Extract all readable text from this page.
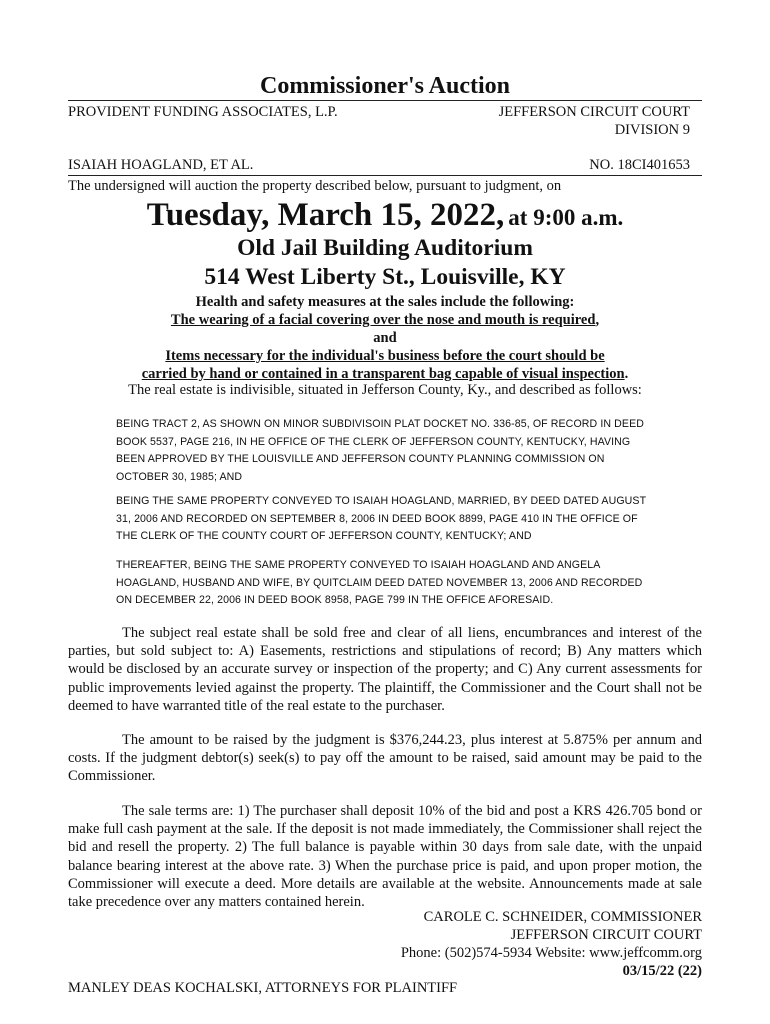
Commissioner's Auction
PROVIDENT FUNDING ASSOCIATES, L.P.	JEFFERSON CIRCUIT COURT
DIVISION 9
ISAIAH HOAGLAND, ET AL.	NO. 18CI401653
The undersigned will auction the property described below, pursuant to judgment, on
Tuesday, March 15, 2022, at 9:00 a.m.
Old Jail Building Auditorium
514 West Liberty St., Louisville, KY
Health and safety measures at the sales include the following:
The wearing of a facial covering over the nose and mouth is required,
and
Items necessary for the individual's business before the court should be
carried by hand or contained in a transparent bag capable of visual inspection.
The real estate is indivisible, situated in Jefferson County, Ky., and described as follows:
BEING TRACT 2, AS SHOWN ON MINOR SUBDIVISOIN PLAT DOCKET NO. 336-85, OF RECORD IN DEED BOOK 5537, PAGE 216, IN HE OFFICE OF THE CLERK OF JEFFERSON COUNTY, KENTUCKY, HAVING BEEN APPROVED BY THE LOUISVILLE AND JEFFERSON COUNTY PLANNING COMMISSION ON OCTOBER 30, 1985; AND
BEING THE SAME PROPERTY CONVEYED TO ISAIAH HOAGLAND, MARRIED, BY DEED DATED AUGUST 31, 2006 AND RECORDED ON SEPTEMBER 8, 2006 IN DEED BOOK 8899, PAGE 410 IN THE OFFICE OF THE CLERK OF THE COUNTY COURT OF JEFFERSON COUNTY, KENTUCKY; AND
THEREAFTER, BEING THE SAME PROPERTY CONVEYED TO ISAIAH HOAGLAND AND ANGELA HOAGLAND, HUSBAND AND WIFE, BY QUITCLAIM DEED DATED NOVEMBER 13, 2006 AND RECORDED ON DECEMBER 22, 2006 IN DEED BOOK 8958, PAGE 799 IN THE OFFICE AFORESAID.
The subject real estate shall be sold free and clear of all liens, encumbrances and interest of the parties, but sold subject to: A) Easements, restrictions and stipulations of record; B) Any matters which would be disclosed by an accurate survey or inspection of the property; and C) Any current assessments for public improvements levied against the property. The plaintiff, the Commissioner and the Court shall not be deemed to have warranted title of the real estate to the purchaser.
The amount to be raised by the judgment is $376,244.23, plus interest at 5.875% per annum and costs. If the judgment debtor(s) seek(s) to pay off the amount to be raised, said amount may be paid to the Commissioner.
The sale terms are: 1) The purchaser shall deposit 10% of the bid and post a KRS 426.705 bond or make full cash payment at the sale. If the deposit is not made immediately, the Commissioner shall reject the bid and resell the property. 2) The full balance is payable within 30 days from sale date, with the unpaid balance bearing interest at the above rate. 3) When the purchase price is paid, and upon proper motion, the Commissioner will execute a deed. More details are available at the website. Announcements made at sale take precedence over any matters contained herein.
CAROLE C. SCHNEIDER, COMMISSIONER
JEFFERSON CIRCUIT COURT
Phone: (502)574-5934 Website: www.jeffcomm.org
03/15/22 (22)
MANLEY DEAS KOCHALSKI, ATTORNEYS FOR PLAINTIFF
